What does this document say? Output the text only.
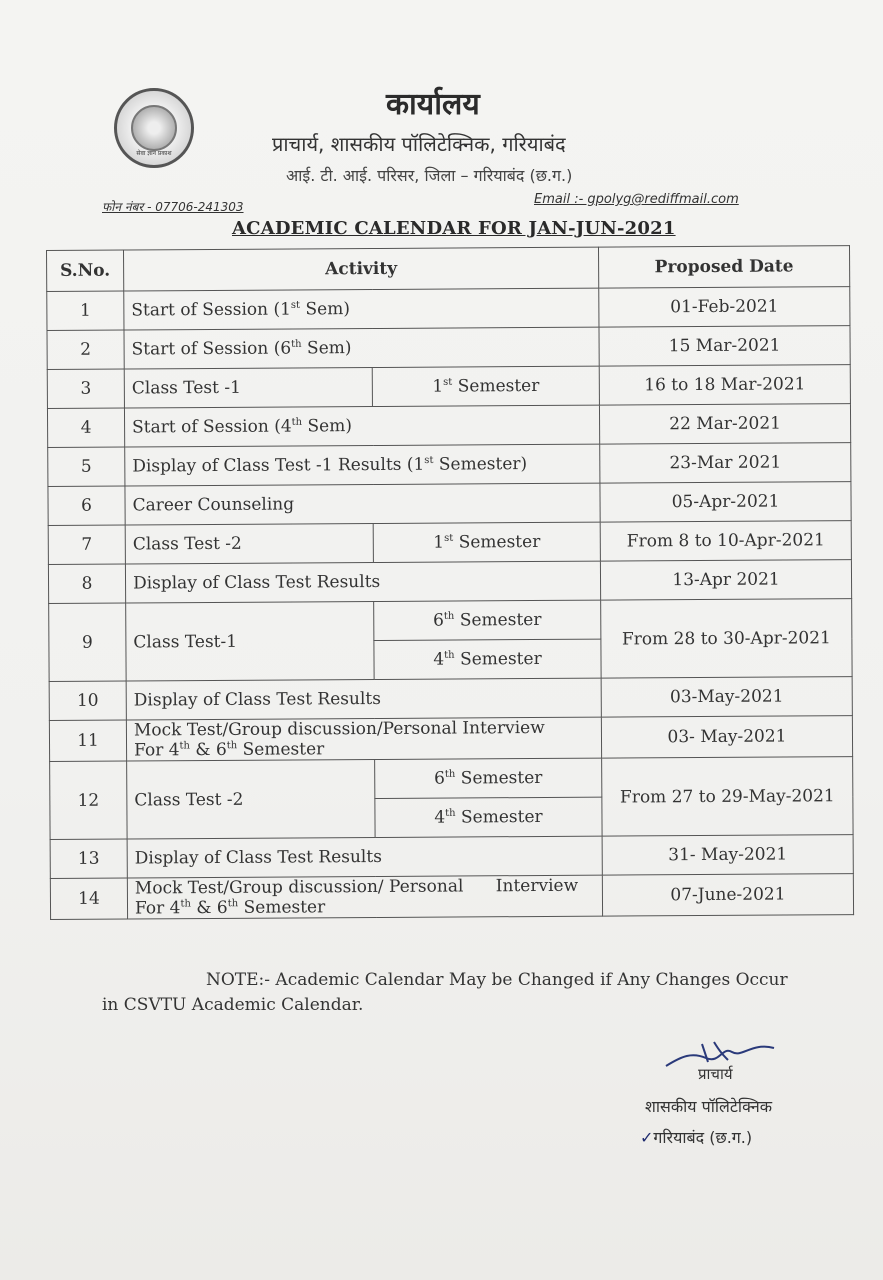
सेवा ज्ञान प्रकाश
कार्यालय
प्राचार्य, शासकीय पॉलिटेक्निक, गरियाबंद
आई. टी. आई. परिसर, जिला – गरियाबंद (छ.ग.)
फोन नंबर - 07706-241303	Email :- gpolyg@rediffmail.com
ACADEMIC CALENDAR FOR JAN-JUN-2021
S.No.	Activity		Proposed Date
1	Start of Session (1st Sem)		01-Feb-2021
2	Start of Session (6th Sem)		15 Mar-2021
3	Class Test -1	1st Semester	16 to 18 Mar-2021
4	Start of Session (4th Sem)		22 Mar-2021
5	Display of Class Test -1 Results (1st Semester)		23-Mar 2021
6	Career Counseling		05-Apr-2021
7	Class Test -2	1st Semester	From 8 to 10-Apr-2021
8	Display of Class Test Results		13-Apr 2021
9	Class Test-1	6th Semester	From 28 to 30-Apr-2021
		4th Semester	
10	Display of Class Test Results		03-May-2021
11	Mock Test/Group discussion/Personal Interview
For 4th & 6th Semester		03- May-2021
12	Class Test -2	6th Semester	From 27 to 29-May-2021
		4th Semester	
13	Display of Class Test Results		31- May-2021
14	Mock Test/Group discussion/ Personal      Interview
For 4th & 6th Semester		07-June-2021
NOTE:- Academic Calendar May be Changed if Any Changes Occur
in CSVTU Academic Calendar.
प्राचार्य
शासकीय पॉलिटेक्निक
✓गरियाबंद (छ.ग.)
